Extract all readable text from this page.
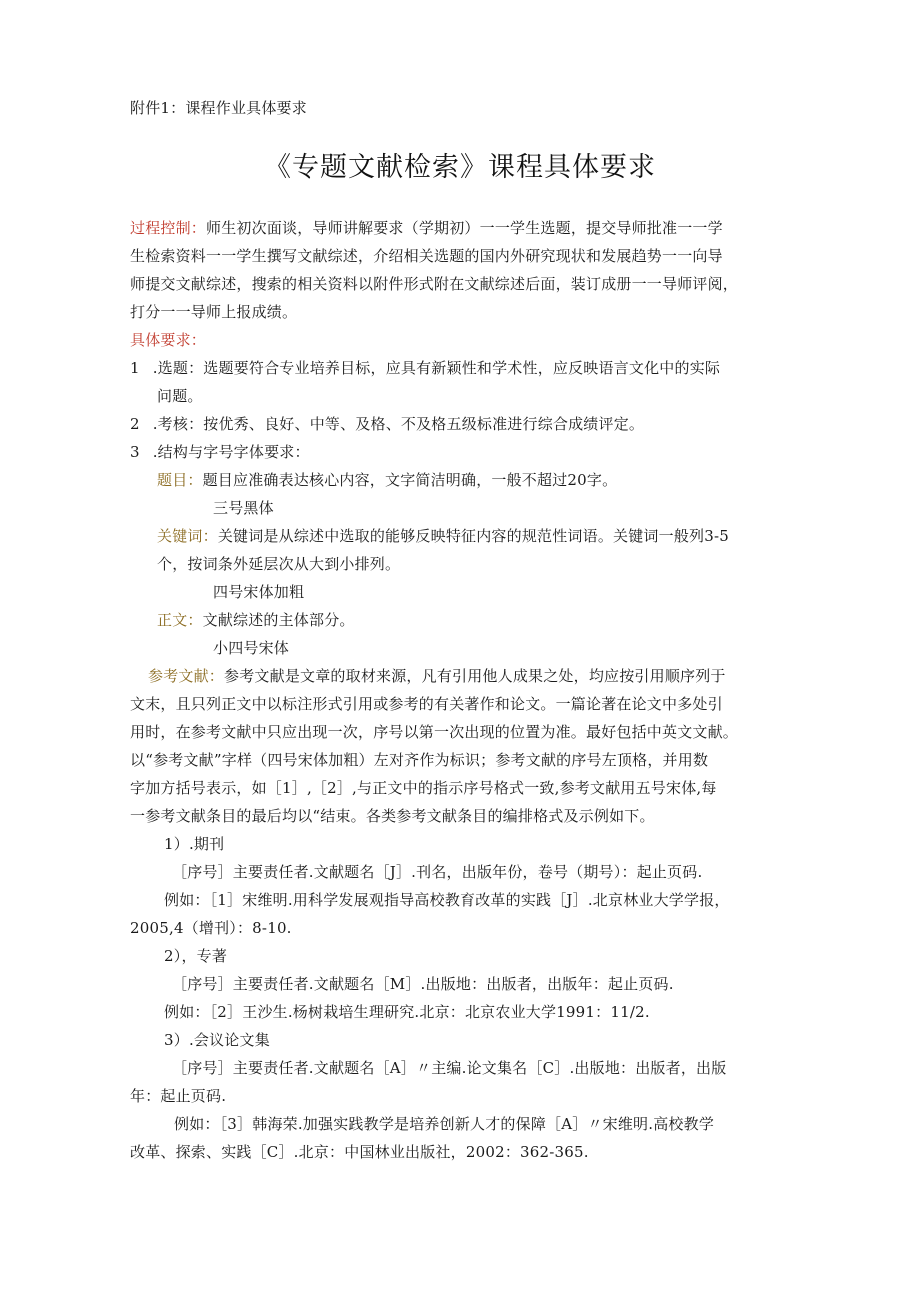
附件1：课程作业具体要求
《专题文献检索》课程具体要求
过程控制：师生初次面谈，导师讲解要求（学期初）一一学生选题，提交导师批准一一学
生检索资料一一学生撰写文献综述，介绍相关选题的国内外研究现状和发展趋势一一向导
师提交文献综述，搜索的相关资料以附件形式附在文献综述后面，装订成册一一导师评阅，
打分一一导师上报成绩。
具体要求：
1 .选题：选题要符合专业培养目标，应具有新颖性和学术性，应反映语言文化中的实际
问题。
2 .考核：按优秀、良好、中等、及格、不及格五级标准进行综合成绩评定。
3 .结构与字号字体要求：
题目：题目应准确表达核心内容，文字简洁明确，一般不超过20字。
三号黑体
关键词：关键词是从综述中选取的能够反映特征内容的规范性词语。关键词一般列3-5
个，按词条外延层次从大到小排列。
四号宋体加粗
正文：文献综述的主体部分。
小四号宋体
参考文献：参考文献是文章的取材来源，凡有引用他人成果之处，均应按引用顺序列于
文末，且只列正文中以标注形式引用或参考的有关著作和论文。一篇论著在论文中多处引
用时，在参考文献中只应出现一次，序号以第一次出现的位置为准。最好包括中英文文献。
以“参考文献”字样（四号宋体加粗）左对齐作为标识；参考文献的序号左顶格，并用数
字加方括号表示，如［1］,［2］,与正文中的指示序号格式一致,参考文献用五号宋体,每
一参考文献条目的最后均以“结束。各类参考文献条目的编排格式及示例如下。
1）.期刊
［序号］主要责任者.文献题名［J］.刊名，出版年份，卷号（期号）：起止页码.
例如：［1］宋维明.用科学发展观指导高校教育改革的实践［J］.北京林业大学学报，
2005,4（增刊）：8-10.
2），专著
［序号］主要责任者.文献题名［M］.出版地：出版者，出版年：起止页码.
例如：［2］王沙生.杨树栽培生理研究.北京：北京农业大学1991：11/2.
3）.会议论文集
［序号］主要责任者.文献题名［A］〃主编.论文集名［C］.出版地：出版者，出版
年：起止页码.
例如：［3］韩海荣.加强实践教学是培养创新人才的保障［A］〃宋维明.高校教学
改革、探索、实践［C］.北京：中国林业出版社，2002：362-365.
